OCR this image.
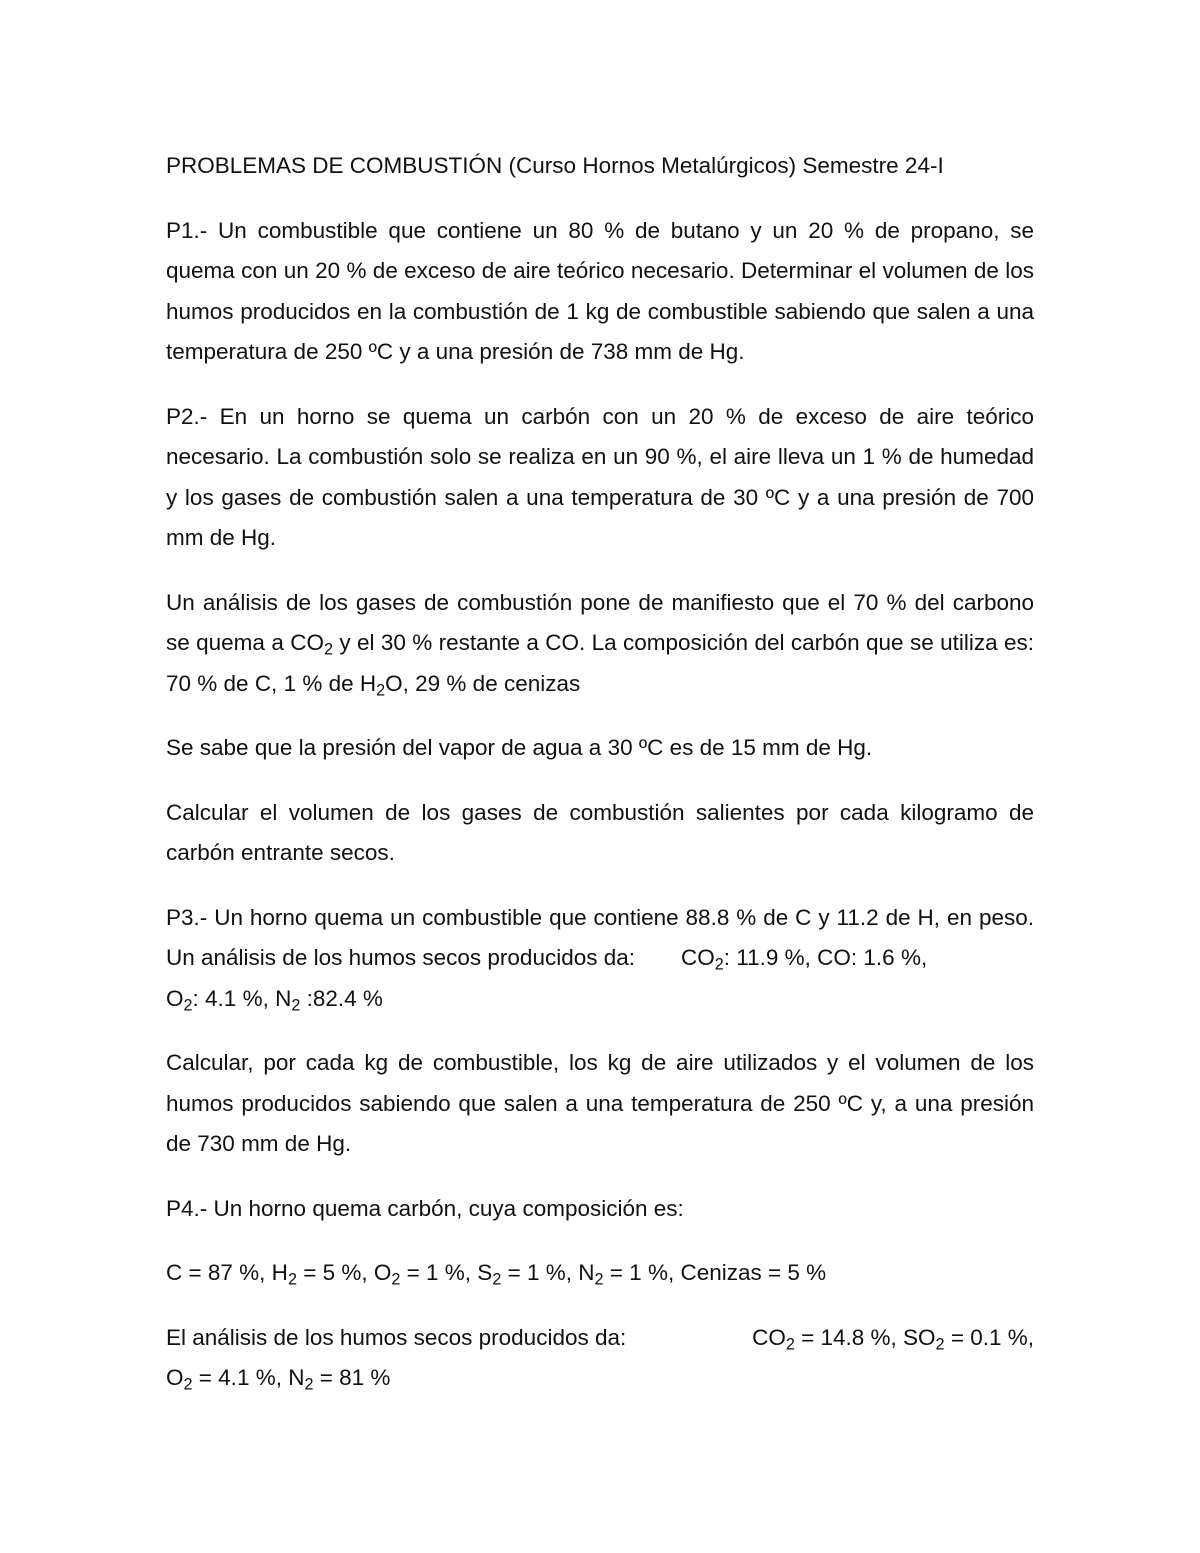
PROBLEMAS DE COMBUSTIÓN (Curso Hornos Metalúrgicos) Semestre 24-I

P1.- Un combustible que contiene un 80 % de butano y un 20 % de propano, se quema con un 20 % de exceso de aire teórico necesario. Determinar el volumen de los humos producidos en la combustión de 1 kg de combustible sabiendo que salen a una temperatura de 250 ºC y a una presión de 738 mm de Hg.

P2.- En un horno se quema un carbón con un 20 % de exceso de aire teórico necesario. La combustión solo se realiza en un 90 %, el aire lleva un 1 % de humedad y los gases de combustión salen a una temperatura de 30 ºC y a una presión de 700 mm de Hg.

Un análisis de los gases de combustión pone de manifiesto que el 70 % del carbono se quema a $CO_2$ y el 30 % restante a CO. La composición del carbón que se utiliza es: 70 % de C, 1 % de $H_2O$, 29 % de cenizas

Se sabe que la presión del vapor de agua a 30 ºC es de 15 mm de Hg.

Calcular el volumen de los gases de combustión salientes por cada kilogramo de carbón entrante secos.

P3.- Un horno quema un combustible que contiene 88.8 % de C y 11.2 de H, en peso. Un análisis de los humos secos producidos da: $CO_2$: 11.9 %, CO: 1.6 %,
$O_2$: 4.1 %, $N_2$ :82.4 %

Calcular, por cada kg de combustible, los kg de aire utilizados y el volumen de los humos producidos sabiendo que salen a una temperatura de 250 ºC y, a una presión de 730 mm de Hg.

P4.- Un horno quema carbón, cuya composición es:

C = 87 %, $H_2 = 5$ %, $O_2 = 1$ %, $S_2 = 1$ %, $N_2 = 1$ %, Cenizas = 5 %

El análisis de los humos secos producidos da:	$CO_2 = 14.8$ %, $SO_2 = 0.1$ %,
$O_2 = 4.1$ %, $N_2 = 81$ %
